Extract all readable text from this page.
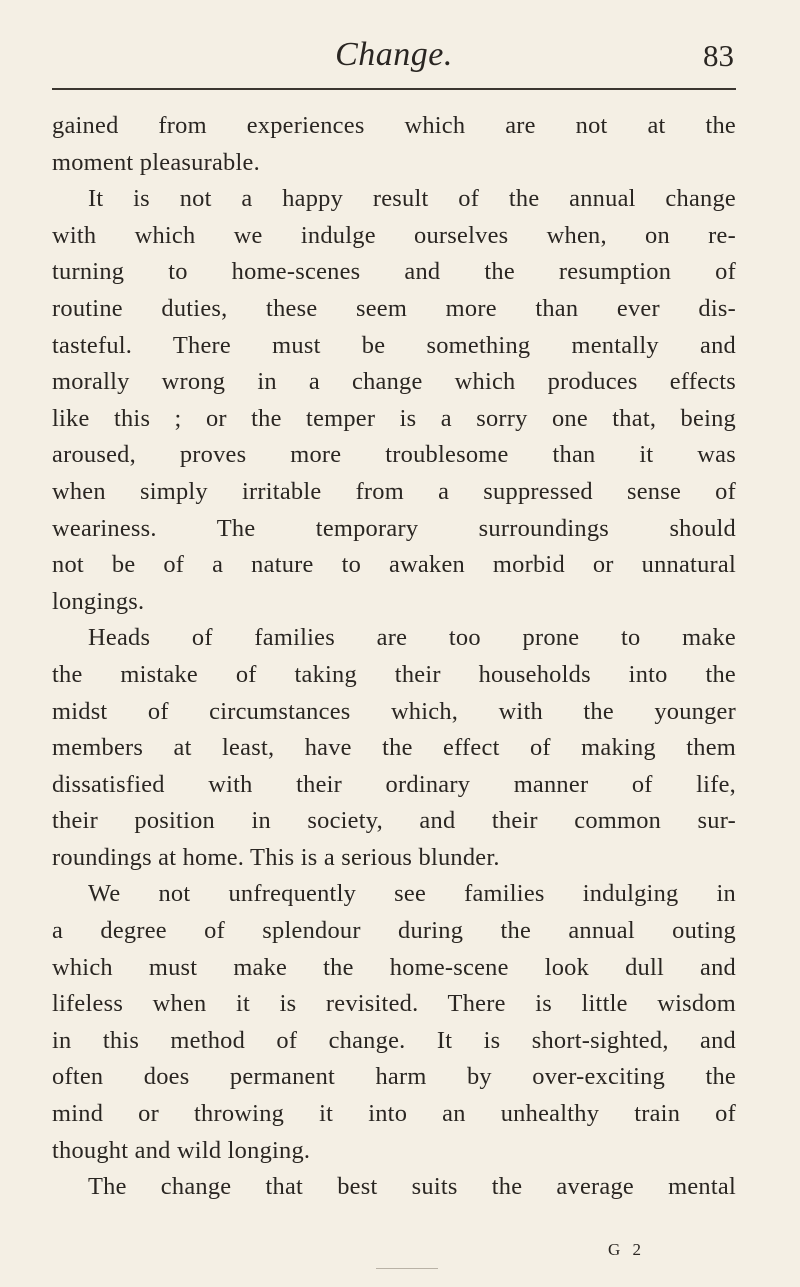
Change.	83
gained from experiences which are not at the
moment pleasurable.
It is not a happy result of the annual change
with which we indulge ourselves when, on re-
turning to home-scenes and the resumption of
routine duties, these seem more than ever dis-
tasteful. There must be something mentally and
morally wrong in a change which produces effects
like this ; or the temper is a sorry one that, being
aroused, proves more troublesome than it was
when simply irritable from a suppressed sense of
weariness. The temporary surroundings should
not be of a nature to awaken morbid or unnatural
longings.
Heads of families are too prone to make
the mistake of taking their households into the
midst of circumstances which, with the younger
members at least, have the effect of making them
dissatisfied with their ordinary manner of life,
their position in society, and their common sur-
roundings at home. This is a serious blunder.
We not unfrequently see families indulging in
a degree of splendour during the annual outing
which must make the home-scene look dull and
lifeless when it is revisited. There is little wisdom
in this method of change. It is short-sighted, and
often does permanent harm by over-exciting the
mind or throwing it into an unhealthy train of
thought and wild longing.
The change that best suits the average mental
G 2
